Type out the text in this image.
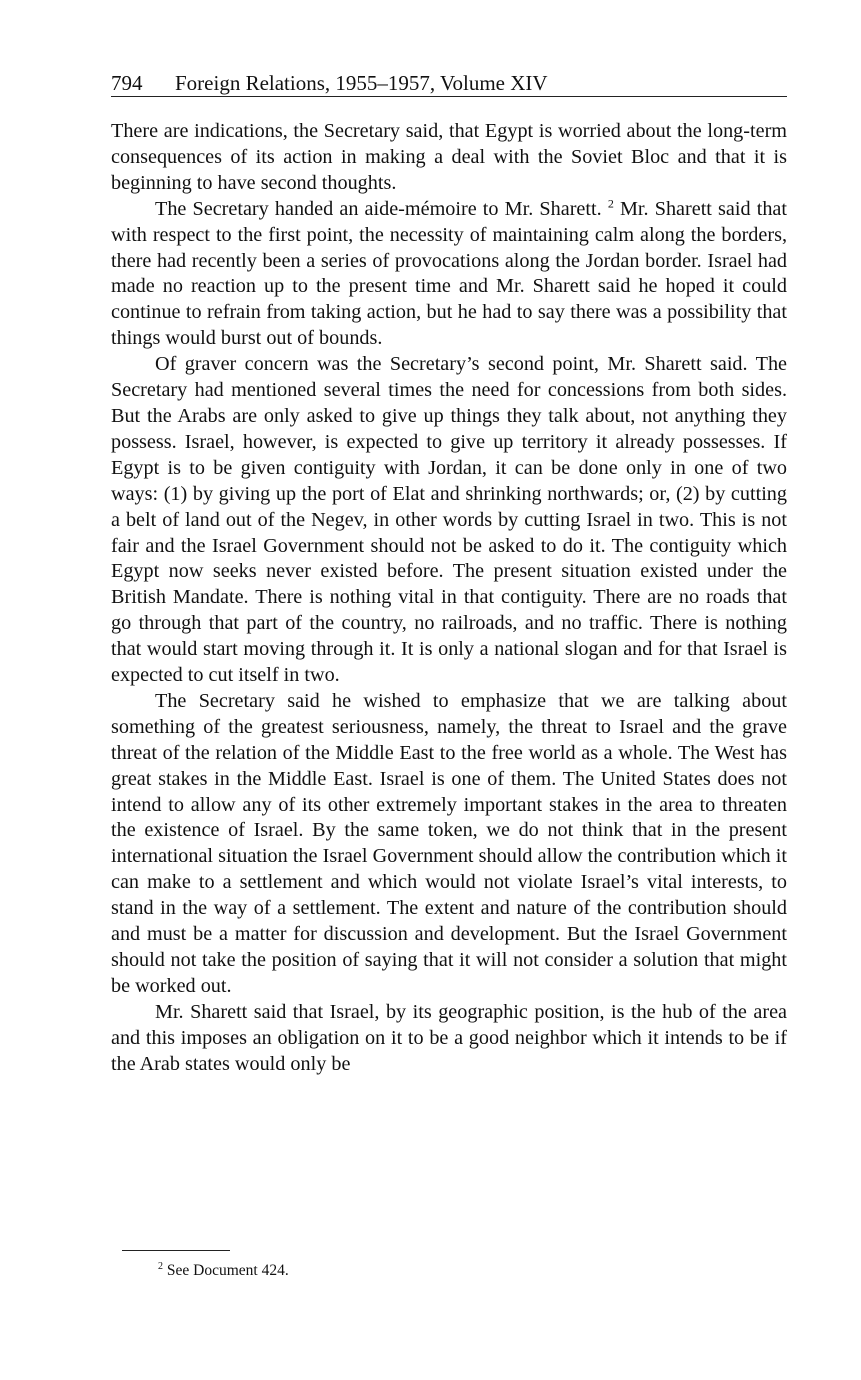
794 Foreign Relations, 1955–1957, Volume XIV

There are indications, the Secretary said, that Egypt is worried about the long-term consequences of its action in making a deal with the Soviet Bloc and that it is beginning to have second thoughts.

The Secretary handed an aide-mémoire to Mr. Sharett. $^2$ Mr. Sharett said that with respect to the first point, the necessity of maintaining calm along the borders, there had recently been a series of provocations along the Jordan border. Israel had made no reaction up to the present time and Mr. Sharett said he hoped it could continue to refrain from taking action, but he had to say there was a possibility that things would burst out of bounds.

Of graver concern was the Secretary’s second point, Mr. Sharett said. The Secretary had mentioned several times the need for concessions from both sides. But the Arabs are only asked to give up things they talk about, not anything they possess. Israel, however, is expected to give up territory it already possesses. If Egypt is to be given contiguity with Jordan, it can be done only in one of two ways: (1) by giving up the port of Elat and shrinking northwards; or, (2) by cutting a belt of land out of the Negev, in other words by cutting Israel in two. This is not fair and the Israel Government should not be asked to do it. The contiguity which Egypt now seeks never existed before. The present situation existed under the British Mandate. There is nothing vital in that contiguity. There are no roads that go through that part of the country, no railroads, and no traffic. There is nothing that would start moving through it. It is only a national slogan and for that Israel is expected to cut itself in two.

The Secretary said he wished to emphasize that we are talking about something of the greatest seriousness, namely, the threat to Israel and the grave threat of the relation of the Middle East to the free world as a whole. The West has great stakes in the Middle East. Israel is one of them. The United States does not intend to allow any of its other extremely important stakes in the area to threaten the existence of Israel. By the same token, we do not think that in the present international situation the Israel Government should allow the contribution which it can make to a settlement and which would not violate Israel’s vital interests, to stand in the way of a settlement. The extent and nature of the contribution should and must be a matter for discussion and development. But the Israel Government should not take the position of saying that it will not consider a solution that might be worked out.

Mr. Sharett said that Israel, by its geographic position, is the hub of the area and this imposes an obligation on it to be a good neighbor which it intends to be if the Arab states would only be

$^2$ See Document 424.
